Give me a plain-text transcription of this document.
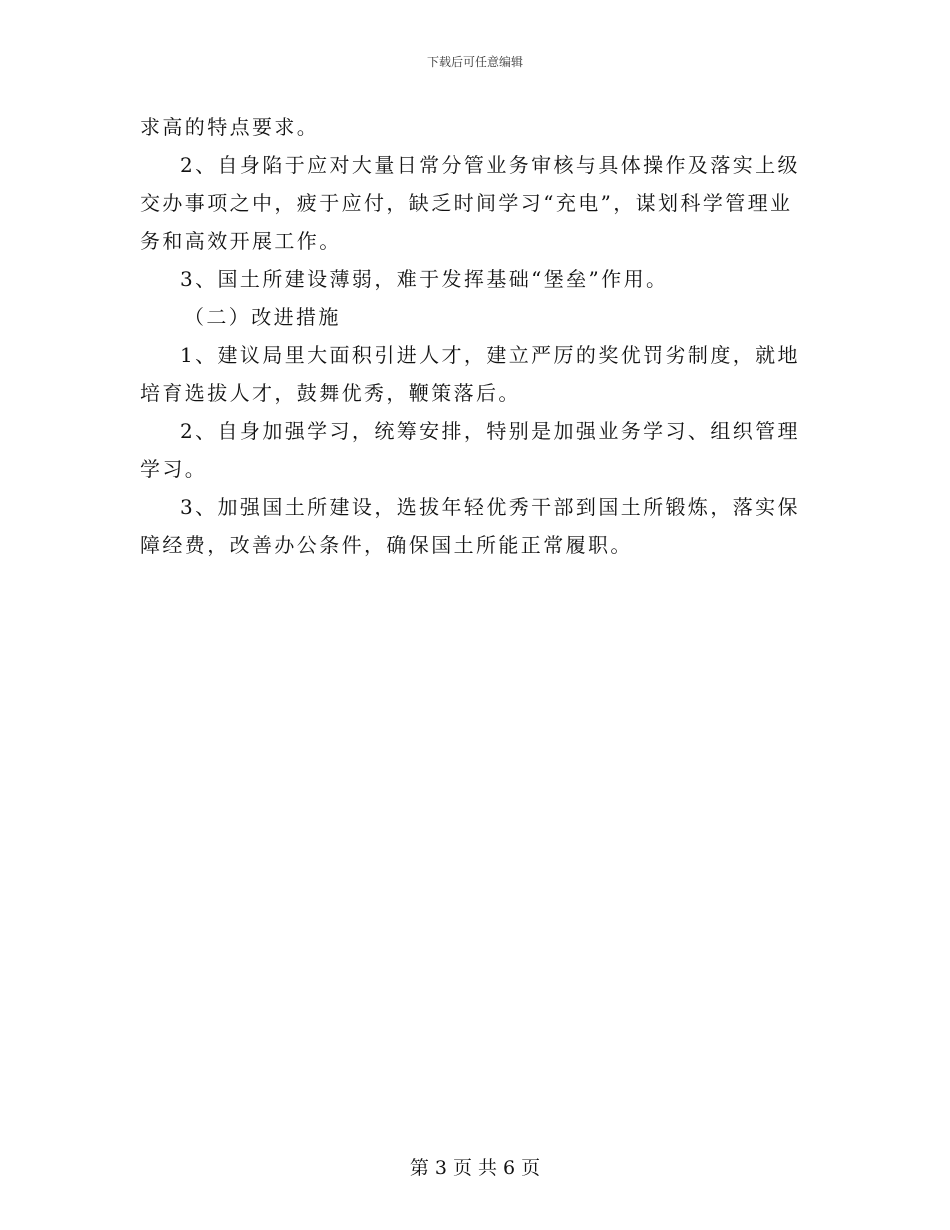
下载后可任意编辑

求高的特点要求。

2、自身陷于应对大量日常分管业务审核与具体操作及落实上级交办事项之中，疲于应付，缺乏时间学习“充电”，谋划科学管理业务和高效开展工作。

3、国土所建设薄弱，难于发挥基础“堡垒”作用。

（二）改进措施

1、建议局里大面积引进人才，建立严厉的奖优罚劣制度，就地培育选拔人才，鼓舞优秀，鞭策落后。

2、自身加强学习，统筹安排，特别是加强业务学习、组织管理学习。

3、加强国土所建设，选拔年轻优秀干部到国土所锻炼，落实保障经费，改善办公条件，确保国土所能正常履职。

第 3 页 共 6 页
